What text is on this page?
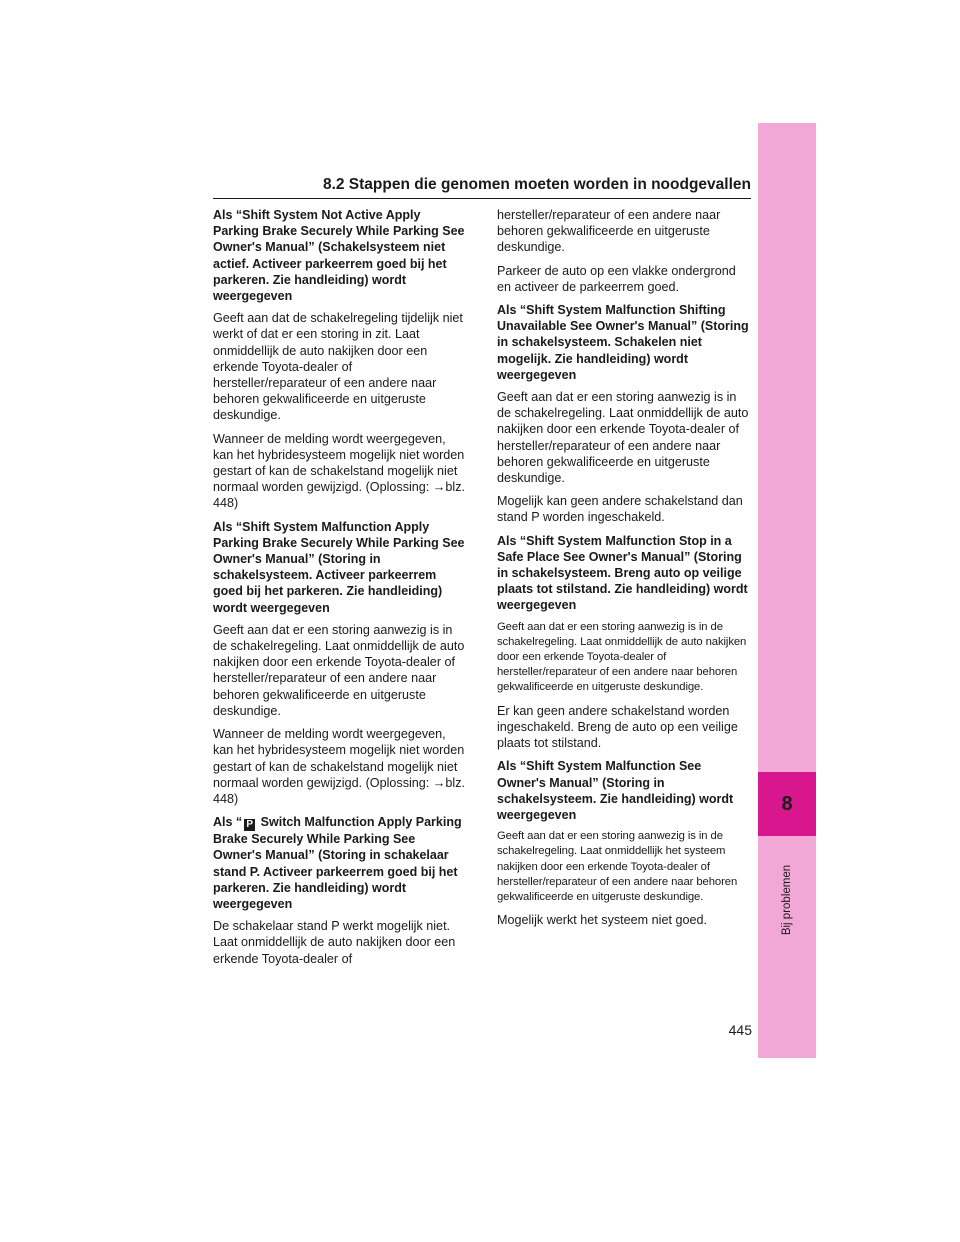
8
Bij problemen
8.2 Stappen die genomen moeten worden in noodgevallen

Als “Shift System Not Active Apply Parking Brake Securely While Parking See Owner's Manual” (Schakelsysteem niet actief. Activeer parkeerrem goed bij het parkeren. Zie handleiding) wordt weergegeven

Geeft aan dat de schakelregeling tijdelijk niet werkt of dat er een storing in zit. Laat onmiddellijk de auto nakijken door een erkende Toyota-dealer of hersteller/reparateur of een andere naar behoren gekwalificeerde en uitgeruste deskundige.

Wanneer de melding wordt weergegeven, kan het hybridesysteem mogelijk niet worden gestart of kan de schakelstand mogelijk niet normaal worden gewijzigd. (Oplossing: →blz. 448)

Als “Shift System Malfunction Apply Parking Brake Securely While Parking See Owner's Manual” (Storing in schakelsysteem. Activeer parkeerrem goed bij het parkeren. Zie handleiding) wordt weergegeven

Geeft aan dat er een storing aanwezig is in de schakelregeling. Laat onmiddellijk de auto nakijken door een erkende Toyota-dealer of hersteller/reparateur of een andere naar behoren gekwalificeerde en uitgeruste deskundige.

Wanneer de melding wordt weergegeven, kan het hybridesysteem mogelijk niet worden gestart of kan de schakelstand mogelijk niet normaal worden gewijzigd. (Oplossing: →blz. 448)

Als “ P Switch Malfunction Apply Parking Brake Securely While Parking See Owner's Manual” (Storing in schakelaar stand P. Activeer parkeerrem goed bij het parkeren. Zie handleiding) wordt weergegeven

De schakelaar stand P werkt mogelijk niet. Laat onmiddellijk de auto nakijken door een erkende Toyota-dealer of

hersteller/reparateur of een andere naar behoren gekwalificeerde en uitgeruste deskundige.

Parkeer de auto op een vlakke ondergrond en activeer de parkeerrem goed.

Als “Shift System Malfunction Shifting Unavailable See Owner's Manual” (Storing in schakelsysteem. Schakelen niet mogelijk. Zie handleiding) wordt weergegeven

Geeft aan dat er een storing aanwezig is in de schakelregeling. Laat onmiddellijk de auto nakijken door een erkende Toyota-dealer of hersteller/reparateur of een andere naar behoren gekwalificeerde en uitgeruste deskundige.

Mogelijk kan geen andere schakelstand dan stand P worden ingeschakeld.

Als “Shift System Malfunction Stop in a Safe Place See Owner's Manual” (Storing in schakelsysteem. Breng auto op veilige plaats tot stilstand. Zie handleiding) wordt weergegeven

Geeft aan dat er een storing aanwezig is in de schakelregeling. Laat onmiddellijk de auto nakijken door een erkende Toyota-dealer of hersteller/reparateur of een andere naar behoren gekwalificeerde en uitgeruste deskundige.

Er kan geen andere schakelstand worden ingeschakeld. Breng de auto op een veilige plaats tot stilstand.

Als “Shift System Malfunction See Owner's Manual” (Storing in schakelsysteem. Zie handleiding) wordt weergegeven

Geeft aan dat er een storing aanwezig is in de schakelregeling. Laat onmiddellijk het systeem nakijken door een erkende Toyota-dealer of hersteller/reparateur of een andere naar behoren gekwalificeerde en uitgeruste deskundige.

Mogelijk werkt het systeem niet goed.

445
